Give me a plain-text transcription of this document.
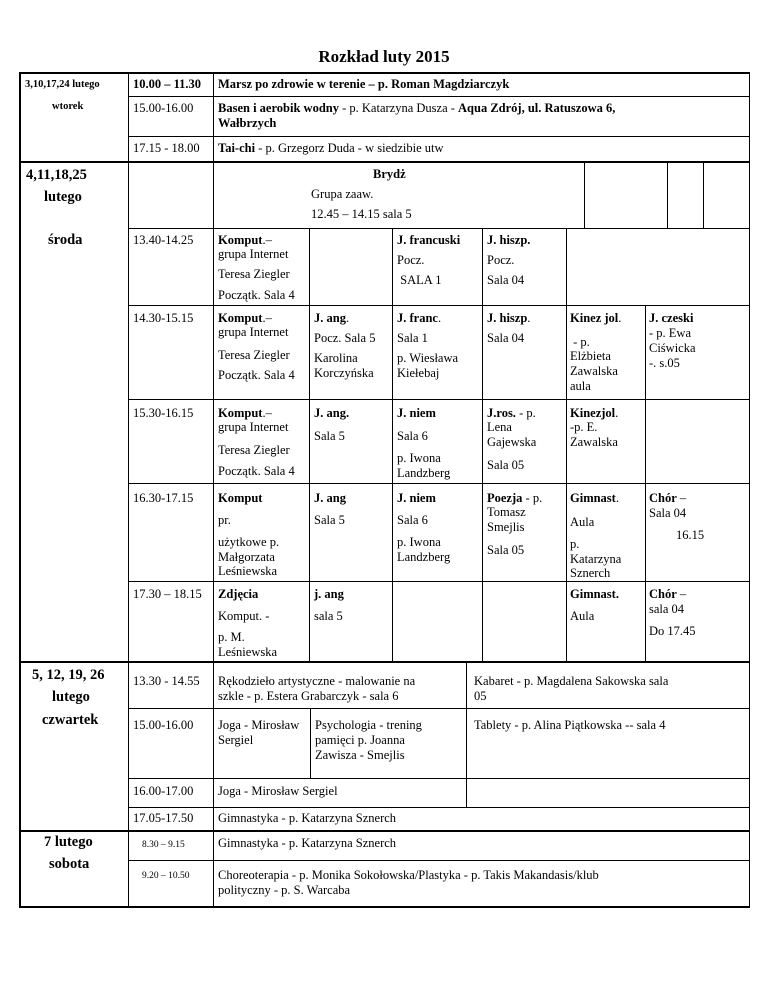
Rozkład luty 2015
3,10,17,24 lutego
wtorek
10.00 – 11.30 Marsz po zdrowie w terenie – p. Roman Magdziarczyk
15.00-16.00 Basen i aerobik wodny - p. Katarzyna Dusza - Aqua Zdrój, ul. Ratuszowa 6,
Wałbrzych
17.15 - 18.00 Tai-chi - p. Grzegorz Duda - w siedzibie utw
4,11,18,25
lutego
środa
Brydż
Grupa zaaw.
12.45 – 14.15 sala 5
13.40-14.25 Komput.–
grupa Internet
Teresa Ziegler
Początk. Sala 4
J. francuski
Pocz.
SALA 1
J. hiszp.
Pocz.
Sala 04
14.30-15.15 Komput.–
grupa Internet
Teresa Ziegler
Początk. Sala 4
J. ang.
Pocz. Sala 5
Karolina
Korczyńska
J. franc.
Sala 1
p. Wiesława
Kiełebaj
J. hiszp.
Sala 04
Kinez jol.
- p.
Elżbieta
Zawalska
aula
J. czeski
- p. Ewa
Ciświcka
-. s.05
15.30-16.15 Komput.–
grupa Internet
Teresa Ziegler
Początk. Sala 4
J. ang.
Sala 5
J. niem
Sala 6
p. Iwona
Landzberg
J.ros. - p.
Lena
Gajewska
Sala 05
Kinezjol.
-p. E.
Zawalska
16.30-17.15 Komput
pr.
użytkowe p.
Małgorzata
Leśniewska
J. ang
Sala 5
J. niem
Sala 6
p. Iwona
Landzberg
Poezja - p.
Tomasz
Smejlis
Sala 05
Gimnast.
Aula
p.
Katarzyna
Sznerch
Chór –
Sala 04
16.15
17.30 – 18.15 Zdjęcia
Komput. -
p. M.
Leśniewska
j. ang
sala 5
Gimnast.
Aula
Chór –
sala 04
Do 17.45
5, 12, 19, 26
lutego
czwartek
13.30 - 14.55 Rękodzieło artystyczne - malowanie na
szkle - p. Estera Grabarczyk - sala 6
Kabaret - p. Magdalena Sakowska sala
05
15.00-16.00 Joga - Mirosław
Sergiel
Psychologia - trening
pamięci p. Joanna
Zawisza - Smejlis
Tablety - p. Alina Piątkowska -- sala 4
16.00-17.00 Joga - Mirosław Sergiel
17.05-17.50 Gimnastyka - p. Katarzyna Sznerch
7 lutego
sobota
8.30 – 9.15	Gimnastyka - p. Katarzyna Sznerch
9.20 – 10.50 Choreoterapia - p. Monika Sokołowska/Plastyka - p. Takis Makandasis/klub
polityczny - p. S. Warcaba
